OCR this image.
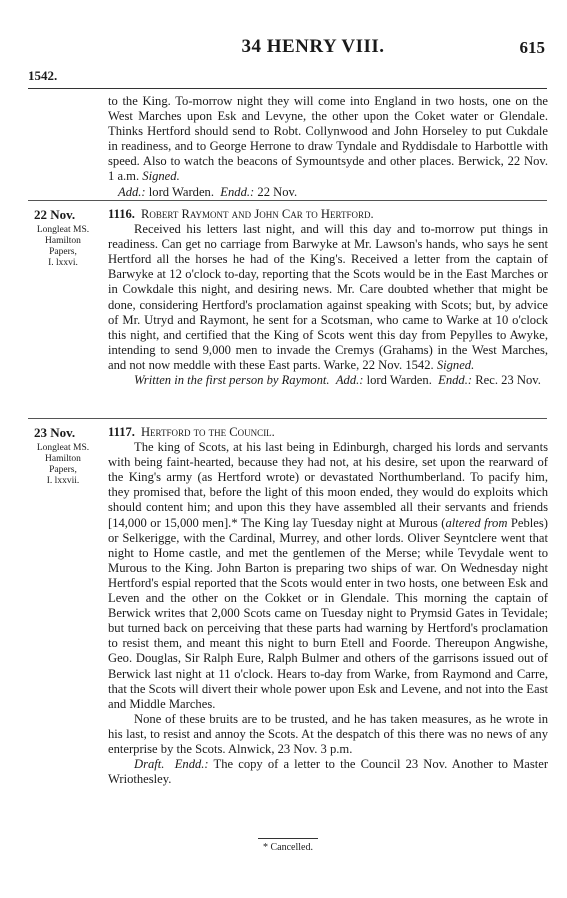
34 HENRY VIII.	615
1542.

to the King. To-morrow night they will come into England in two hosts, one on the West Marches upon Esk and Levyne, the other upon the Coket water or Glendale. Thinks Hertford should send to Robt. Collynwood and John Horseley to put Cukdale in readiness, and to George Herrone to draw Tyndale and Ryddisdale to Harbottle with speed. Also to watch the beacons of Symountsyde and other places. Berwick, 22 Nov. 1 a.m. Signed.

Add.: lord Warden. Endd.: 22 Nov.

22 Nov.
Longleat MS.
Hamilton
Papers,
I. lxxvi.

1116. Robert Raymont and John Car to Hertford.

Received his letters last night, and will this day and to-morrow put things in readiness. Can get no carriage from Barwyke at Mr. Lawson's hands, who says he sent Hertford all the horses he had of the King's. Received a letter from the captain of Barwyke at 12 o'clock to-day, reporting that the Scots would be in the East Marches or in Cowkdale this night, and desiring news. Mr. Care doubted whether that might be done, considering Hertford's proclamation against speaking with Scots; but, by advice of Mr. Utryd and Raymont, he sent for a Scotsman, who came to Warke at 10 o'clock this night, and certified that the King of Scots went this day from Pepylles to Awyke, intending to send 9,000 men to invade the Cremys (Grahams) in the West Marches, and not now meddle with these East parts. Warke, 22 Nov. 1542. Signed.

Written in the first person by Raymont. Add.: lord Warden. Endd.: Rec. 23 Nov.

23 Nov.
Longleat MS.
Hamilton
Papers,
I. lxxvii.

1117. Hertford to the Council.

The king of Scots, at his last being in Edinburgh, charged his lords and servants with being faint-hearted, because they had not, at his desire, set upon the rearward of the King's army (as Hertford wrote) or devastated Northumberland. To pacify him, they promised that, before the light of this moon ended, they would do exploits which should content him; and upon this they have assembled all their servants and friends [14,000 or 15,000 men].* The King lay Tuesday night at Murous (altered from Pebles) or Selkerigge, with the Cardinal, Murrey, and other lords. Oliver Seyntclere went that night to Home castle, and met the gentlemen of the Merse; while Tevydale went to Murous to the King. John Barton is preparing two ships of war. On Wednesday night Hertford's espial reported that the Scots would enter in two hosts, one between Esk and Leven and the other on the Cokket or in Glendale. This morning the captain of Berwick writes that 2,000 Scots came on Tuesday night to Prymsid Gates in Tevidale; but turned back on perceiving that these parts had warning by Hertford's proclamation to resist them, and meant this night to burn Etell and Foorde. Thereupon Angwishe, Geo. Douglas, Sir Ralph Eure, Ralph Bulmer and others of the garrisons issued out of Berwick last night at 11 o'clock. Hears to-day from Warke, from Raymond and Carre, that the Scots will divert their whole power upon Esk and Levene, and not into the East and Middle Marches.

None of these bruits are to be trusted, and he has taken measures, as he wrote in his last, to resist and annoy the Scots. At the despatch of this there was no news of any enterprise by the Scots. Alnwick, 23 Nov. 3 p.m.

Draft. Endd.: The copy of a letter to the Council 23 Nov. Another to Master Wriothesley.

* Cancelled.
